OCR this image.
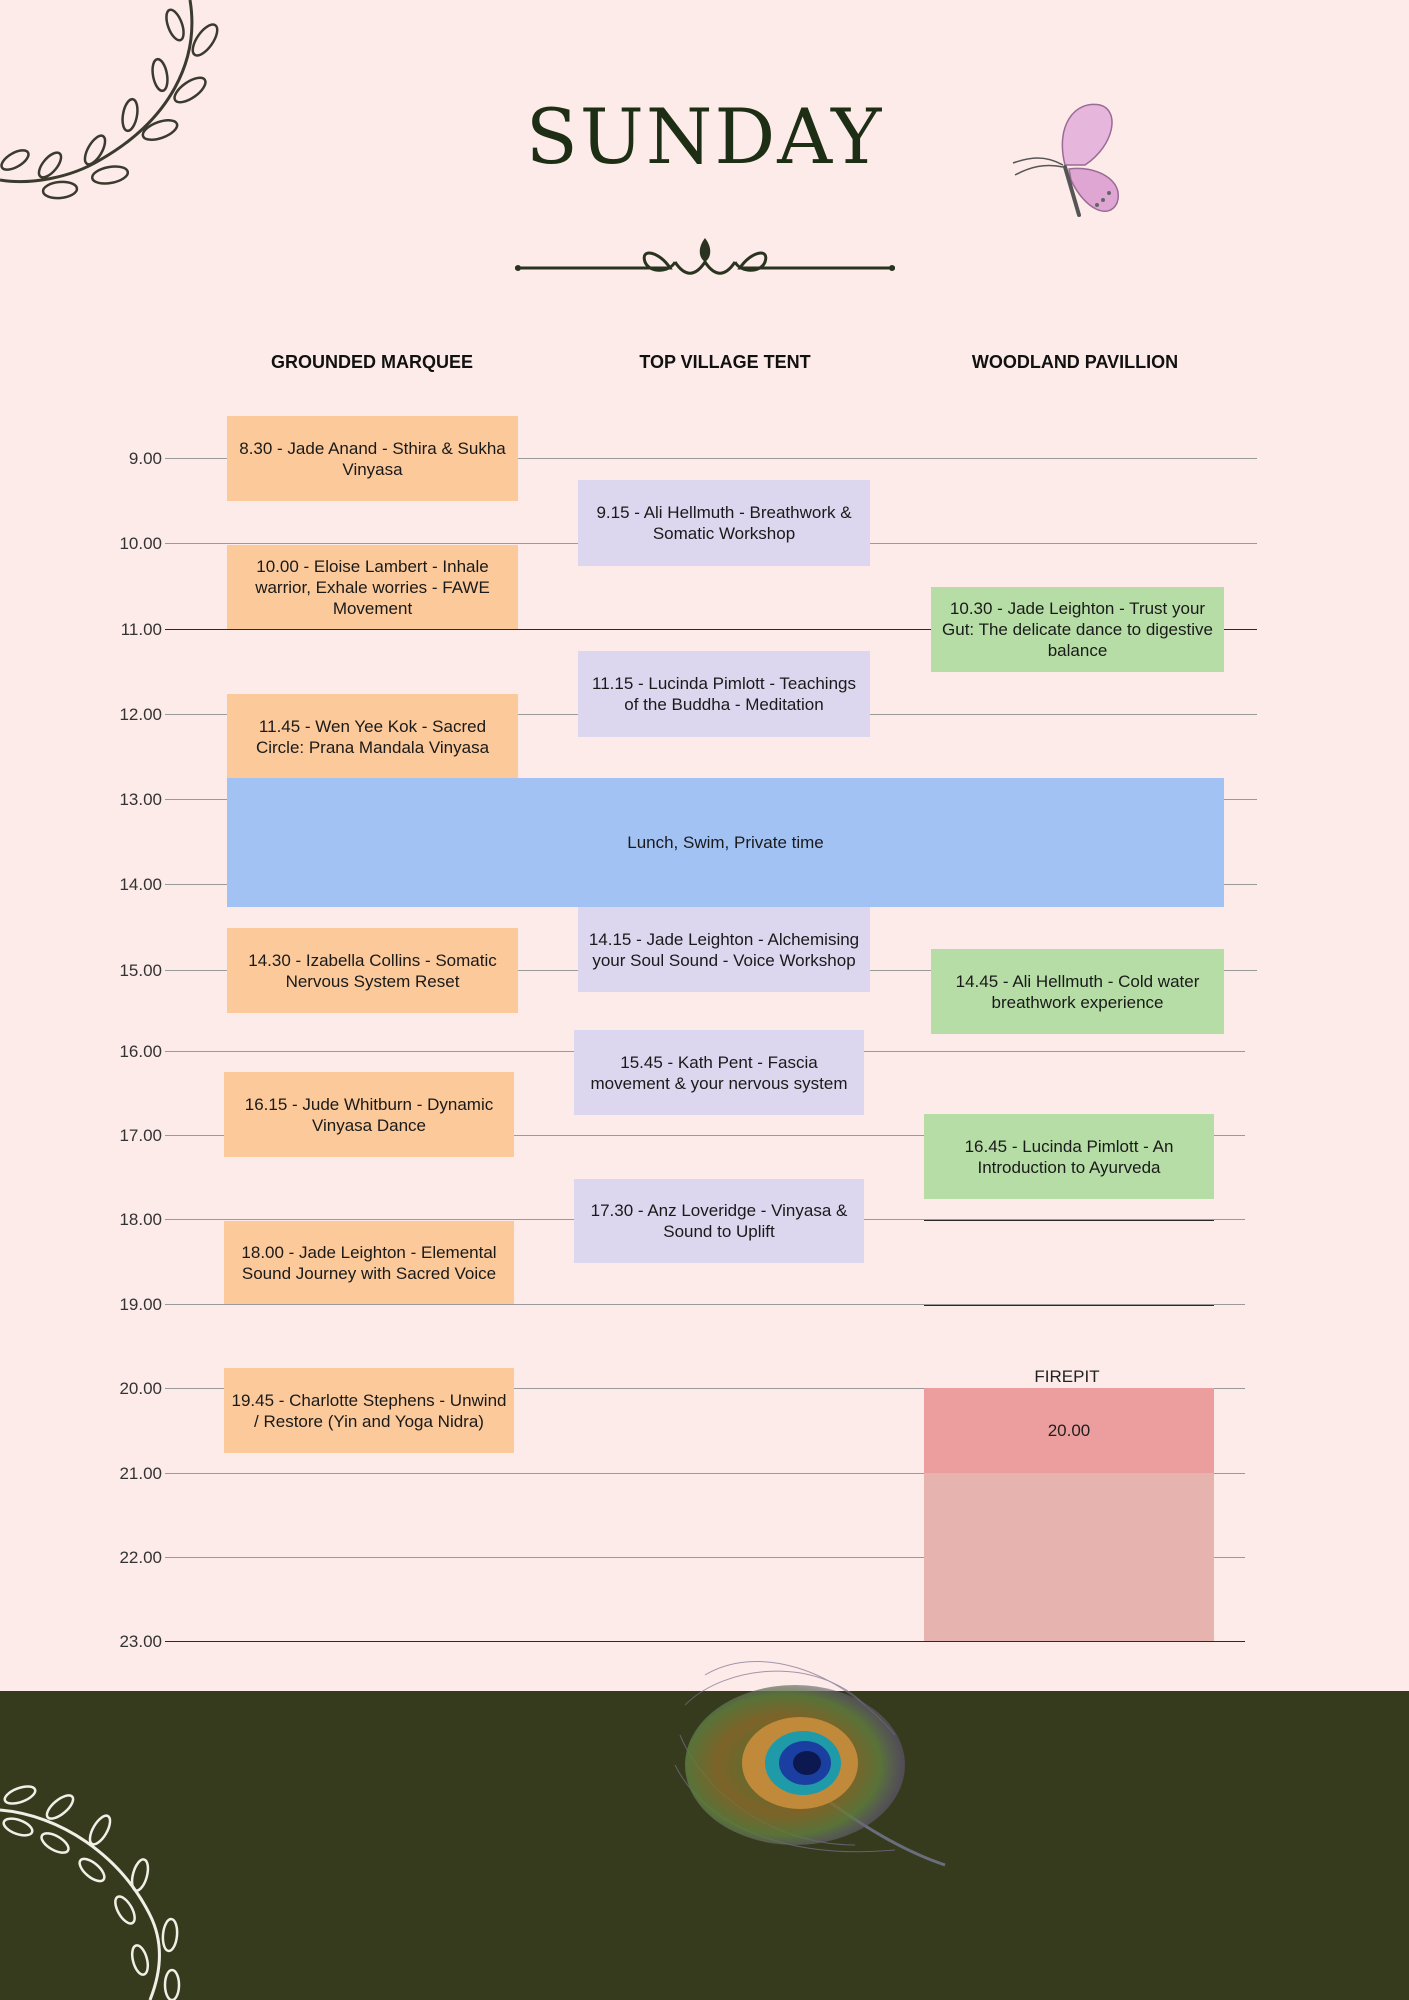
SUNDAY
GROUNDED MARQUEE	TOP VILLAGE TENT	WOODLAND PAVILLION
9.00
10.00
11.00
12.00
13.00
14.00
15.00
16.00
17.00
18.00
19.00
20.00
21.00
22.00
23.00
8.30 - Jade Anand - Sthira & Sukha Vinyasa
10.00 - Eloise Lambert - Inhale warrior, Exhale worries - FAWE Movement
11.45 - Wen Yee Kok - Sacred Circle: Prana Mandala Vinyasa
14.30 - Izabella Collins - Somatic Nervous System Reset
16.15 - Jude Whitburn - Dynamic Vinyasa Dance
18.00 - Jade Leighton - Elemental Sound Journey with Sacred Voice
19.45 - Charlotte Stephens - Unwind / Restore (Yin and Yoga Nidra)
9.15 - Ali Hellmuth - Breathwork & Somatic Workshop
11.15 - Lucinda Pimlott - Teachings of the Buddha - Meditation
14.15 - Jade Leighton - Alchemising your Soul Sound - Voice Workshop
15.45 - Kath Pent - Fascia movement & your nervous system
17.30 - Anz Loveridge - Vinyasa & Sound to Uplift
10.30 - Jade Leighton - Trust your Gut: The delicate dance to digestive balance
14.45 - Ali Hellmuth - Cold water breathwork experience
16.45 - Lucinda Pimlott - An Introduction to Ayurveda
Lunch, Swim, Private time
FIREPIT
20.00
